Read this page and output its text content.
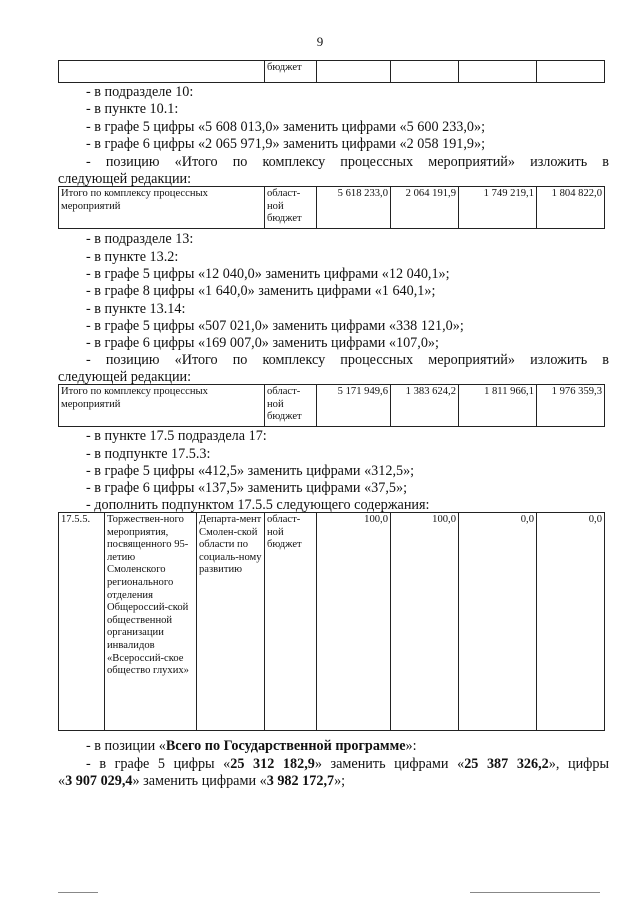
9
	бюджет				
- в подразделе 10:
- в пункте 10.1:
- в графе 5 цифры «5 608 013,0» заменить цифрами «5 600 233,0»;
- в графе 6 цифры «2 065 971,9» заменить цифрами «2 058 191,9»;
- позицию «Итого по комплексу процессных мероприятий» изложить в
следующей редакции:
Итого по комплексу процессных мероприятий	област-ной бюджет	5 618 233,0	2 064 191,9	1 749 219,1	1 804 822,0
- в подразделе 13:
- в пункте 13.2:
- в графе 5 цифры «12 040,0» заменить цифрами «12 040,1»;
- в графе 8 цифры «1 640,0» заменить цифрами «1 640,1»;
- в пункте 13.14:
- в графе 5 цифры «507 021,0» заменить цифрами «338 121,0»;
- в графе 6 цифры «169 007,0» заменить цифрами «107,0»;
- позицию «Итого по комплексу процессных мероприятий» изложить в
следующей редакции:
Итого по комплексу процессных мероприятий	област-ной бюджет	5 171 949,6	1 383 624,2	1 811 966,1	1 976 359,3
- в пункте 17.5 подраздела 17:
- в подпункте 17.5.3:
- в графе 5 цифры «412,5» заменить цифрами «312,5»;
- в графе 6 цифры «137,5» заменить цифрами «37,5»;
- дополнить подпунктом 17.5.5 следующего содержания:
17.5.5.	Торжествен-ного мероприятия, посвященного 95-летию Смоленского регионального отделения Общероссий-ской общественной организации инвалидов «Всероссий-ское общество глухих»	Департа-мент Смолен-ской области по социаль-ному развитию	област-ной бюджет	100,0	100,0	0,0	0,0
- в позиции «Всего по Государственной программе»:
- в графе 5 цифры «25 312 182,9» заменить цифрами «25 387 326,2», цифры
«3 907 029,4» заменить цифрами «3 982 172,7»;
